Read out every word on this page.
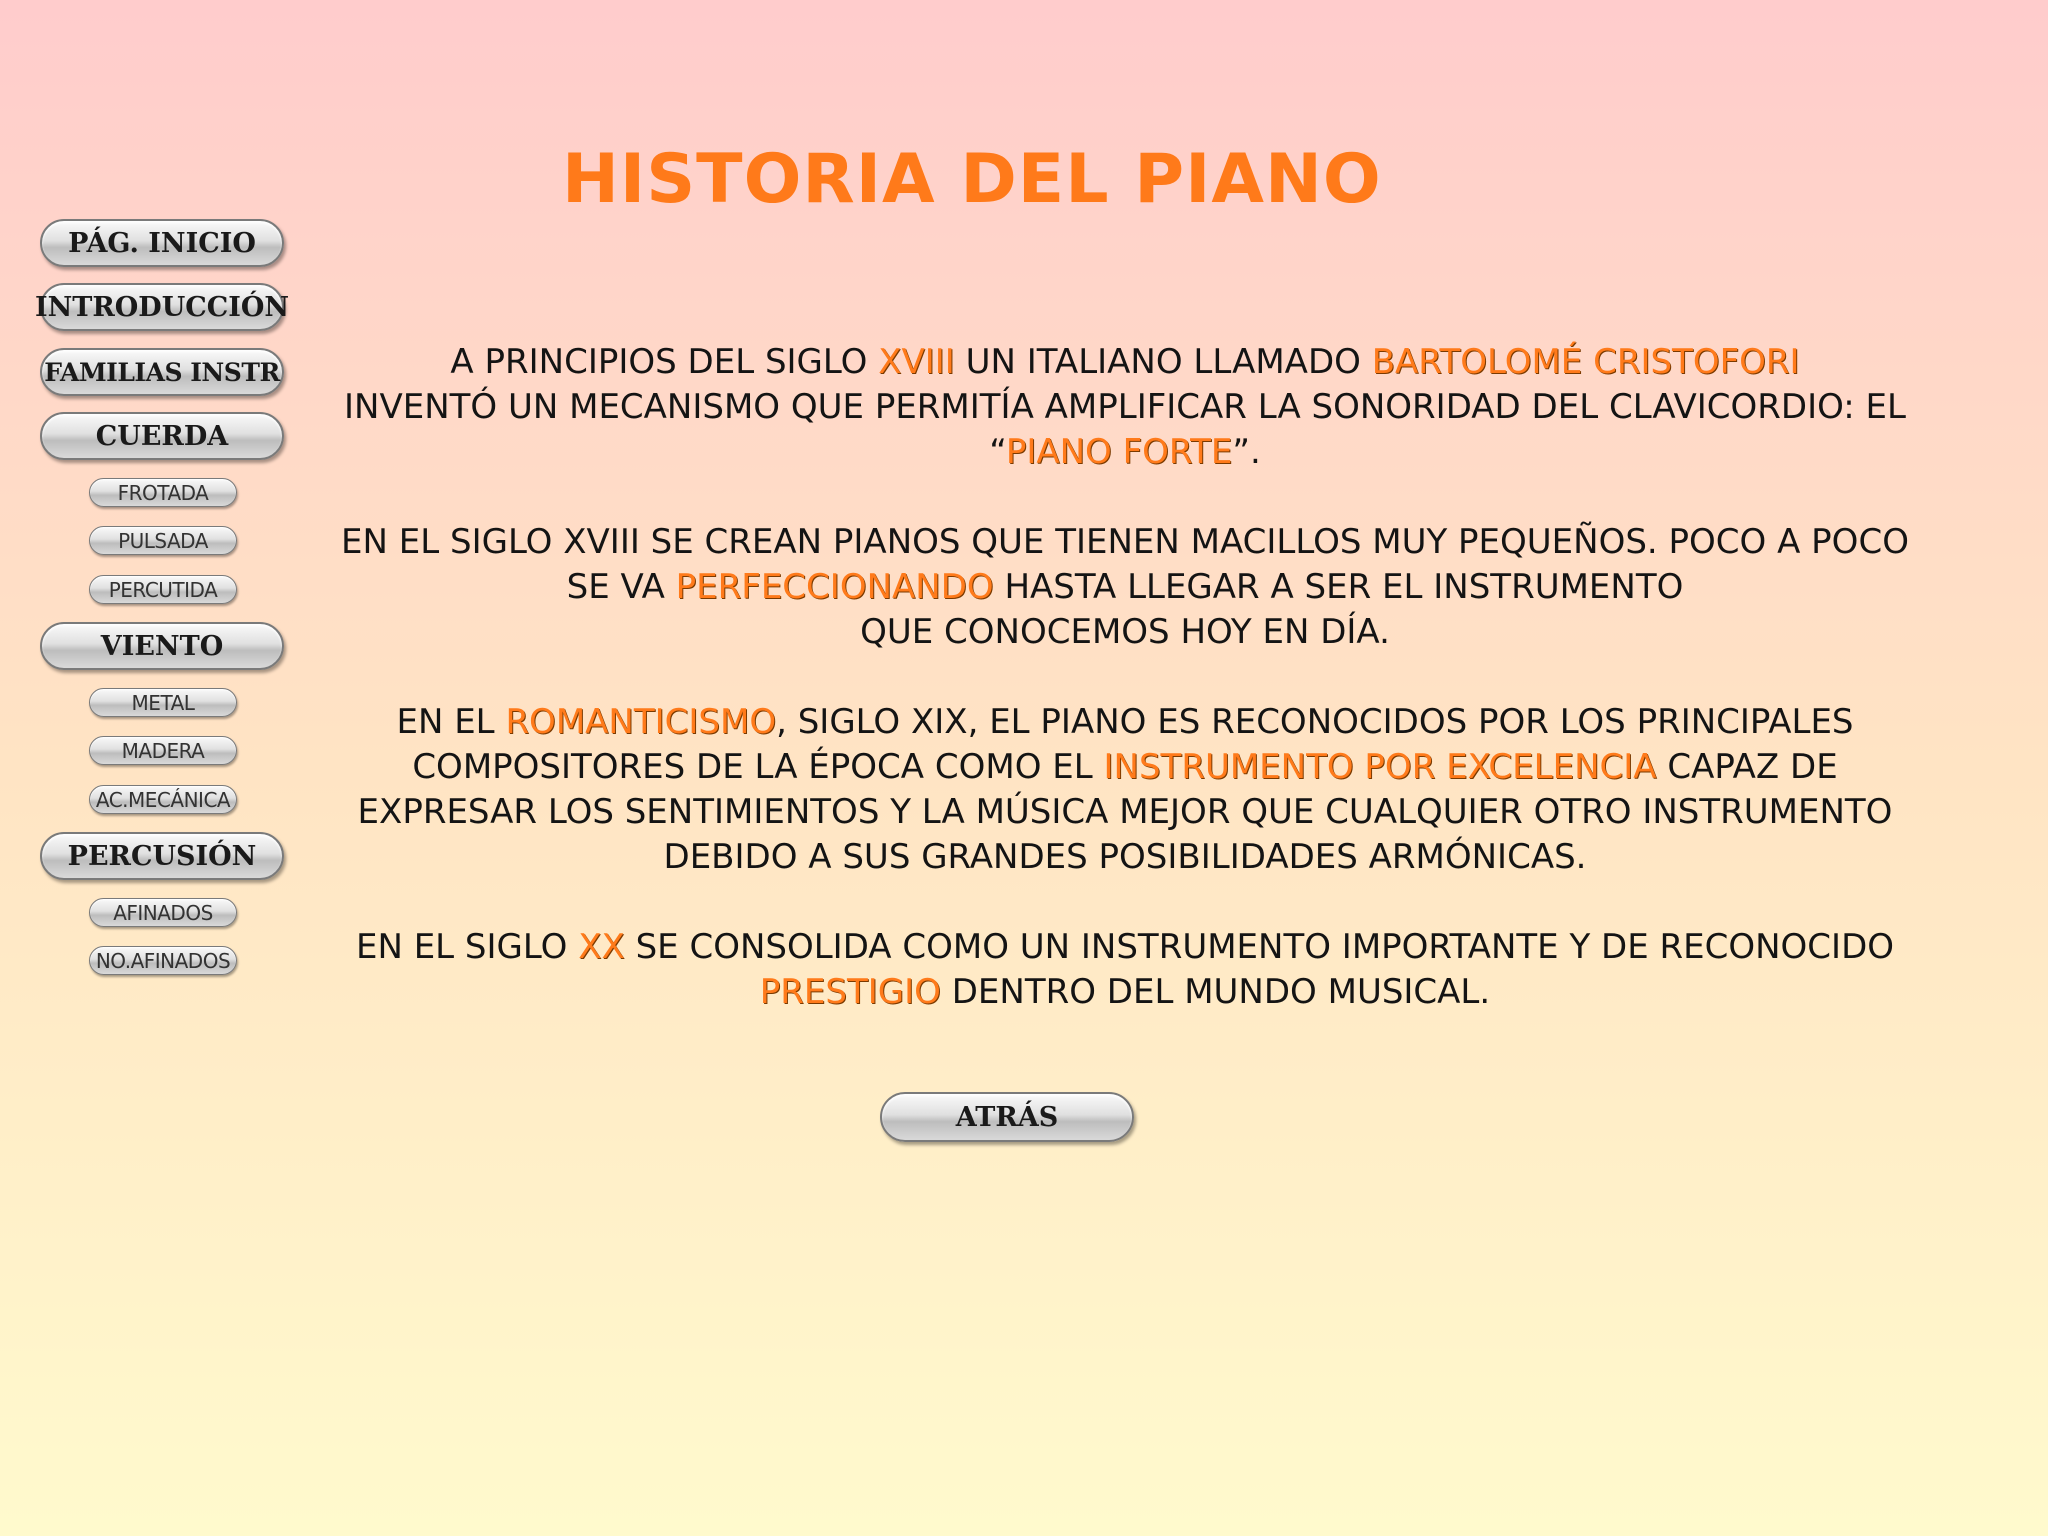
HISTORIA DEL PIANO
PÁG. INICIO
INTRODUCCIÓN
FAMILIAS INSTR
CUERDA
FROTADA
PULSADA
PERCUTIDA
VIENTO
METAL
MADERA
AC.MECÁNICA
PERCUSIÓN
AFINADOS
NO.AFINADOS

A PRINCIPIOS DEL SIGLO XVIII UN ITALIANO LLAMADO BARTOLOMÉ CRISTOFORI
INVENTÓ UN MECANISMO QUE PERMITÍA AMPLIFICAR LA SONORIDAD DEL CLAVICORDIO: EL “PIANO FORTE”.

EN EL SIGLO XVIII SE CREAN PIANOS QUE TIENEN MACILLOS MUY PEQUEÑOS. POCO A POCO SE VA PERFECCIONANDO HASTA LLEGAR A SER EL INSTRUMENTO
QUE CONOCEMOS HOY EN DÍA.

EN EL ROMANTICISMO, SIGLO XIX, EL PIANO ES RECONOCIDOS POR LOS PRINCIPALES COMPOSITORES DE LA ÉPOCA COMO EL INSTRUMENTO POR EXCELENCIA CAPAZ DE EXPRESAR LOS SENTIMIENTOS Y LA MÚSICA MEJOR QUE CUALQUIER OTRO INSTRUMENTO DEBIDO A SUS GRANDES POSIBILIDADES ARMÓNICAS.

EN EL SIGLO XX SE CONSOLIDA COMO UN INSTRUMENTO IMPORTANTE Y DE RECONOCIDO PRESTIGIO DENTRO DEL MUNDO MUSICAL.

ATRÁS
